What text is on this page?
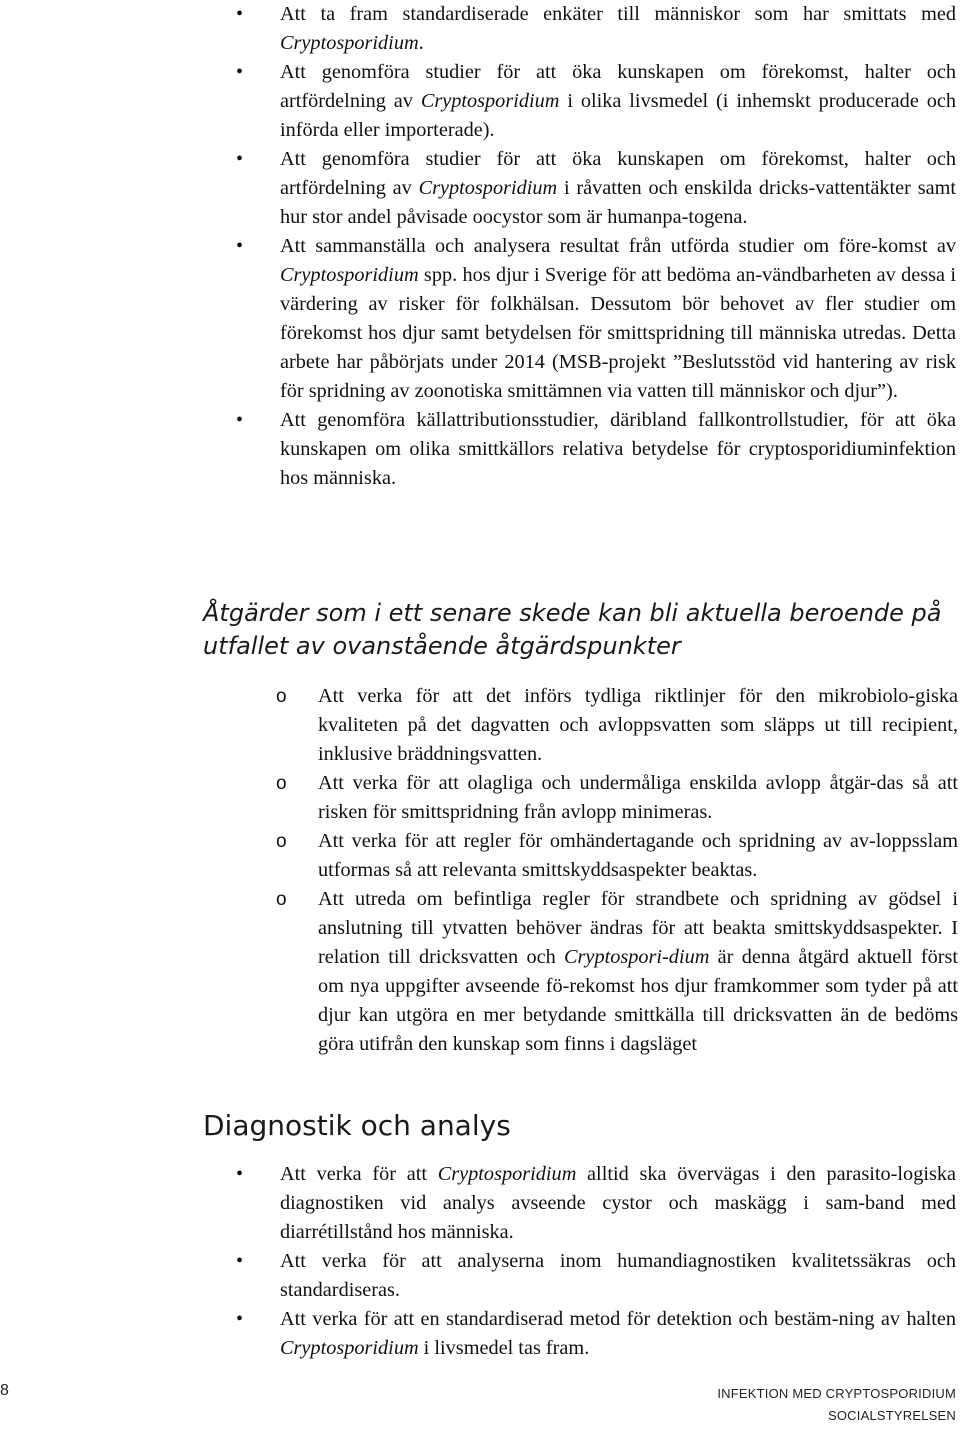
• Att ta fram standardiserade enkäter till människor som har smittats med Cryptosporidium.
• Att genomföra studier för att öka kunskapen om förekomst, halter och artfördelning av Cryptosporidium i olika livsmedel (i inhemskt producerade och införda eller importerade).
• Att genomföra studier för att öka kunskapen om förekomst, halter och artfördelning av Cryptosporidium i råvatten och enskilda dricks-vattentäkter samt hur stor andel påvisade oocystor som är humanpa-togena.
• Att sammanställa och analysera resultat från utförda studier om före-komst av Cryptosporidium spp. hos djur i Sverige för att bedöma an-vändbarheten av dessa i värdering av risker för folkhälsan. Dessutom bör behovet av fler studier om förekomst hos djur samt betydelsen för smittspridning till människa utredas. Detta arbete har påbörjats under 2014 (MSB-projekt ”Beslutsstöd vid hantering av risk för spridning av zoonotiska smittämnen via vatten till människor och djur”).
• Att genomföra källattributionsstudier, däribland fallkontrollstudier, för att öka kunskapen om olika smittkällors relativa betydelse för cryptosporidiuminfektion hos människa.
Åtgärder som i ett senare skede kan bli aktuella beroende på utfallet av ovanstående åtgärdspunkter
o Att verka för att det införs tydliga riktlinjer för den mikrobiolo-giska kvaliteten på det dagvatten och avloppsvatten som släpps ut till recipient, inklusive bräddningsvatten.
o Att verka för att olagliga och undermåliga enskilda avlopp åtgär-das så att risken för smittspridning från avlopp minimeras.
o Att verka för att regler för omhändertagande och spridning av av-loppsslam utformas så att relevanta smittskyddsaspekter beaktas.
o Att utreda om befintliga regler för strandbete och spridning av gödsel i anslutning till ytvatten behöver ändras för att beakta smittskyddsaspekter. I relation till dricksvatten och Cryptospori-dium är denna åtgärd aktuell först om nya uppgifter avseende fö-rekomst hos djur framkommer som tyder på att djur kan utgöra en mer betydande smittkälla till dricksvatten än de bedöms göra utifrån den kunskap som finns i dagsläget
Diagnostik och analys
• Att verka för att Cryptosporidium alltid ska övervägas i den parasito-logiska diagnostiken vid analys avseende cystor och maskägg i sam-band med diarrétillstånd hos människa.
• Att verka för att analyserna inom humandiagnostiken kvalitetssäkras och standardiseras.
• Att verka för att en standardiserad metod för detektion och bestäm-ning av halten Cryptosporidium i livsmedel tas fram.
8	INFEKTION MED CRYPTOSPORIDIUM
SOCIALSTYRELSEN
